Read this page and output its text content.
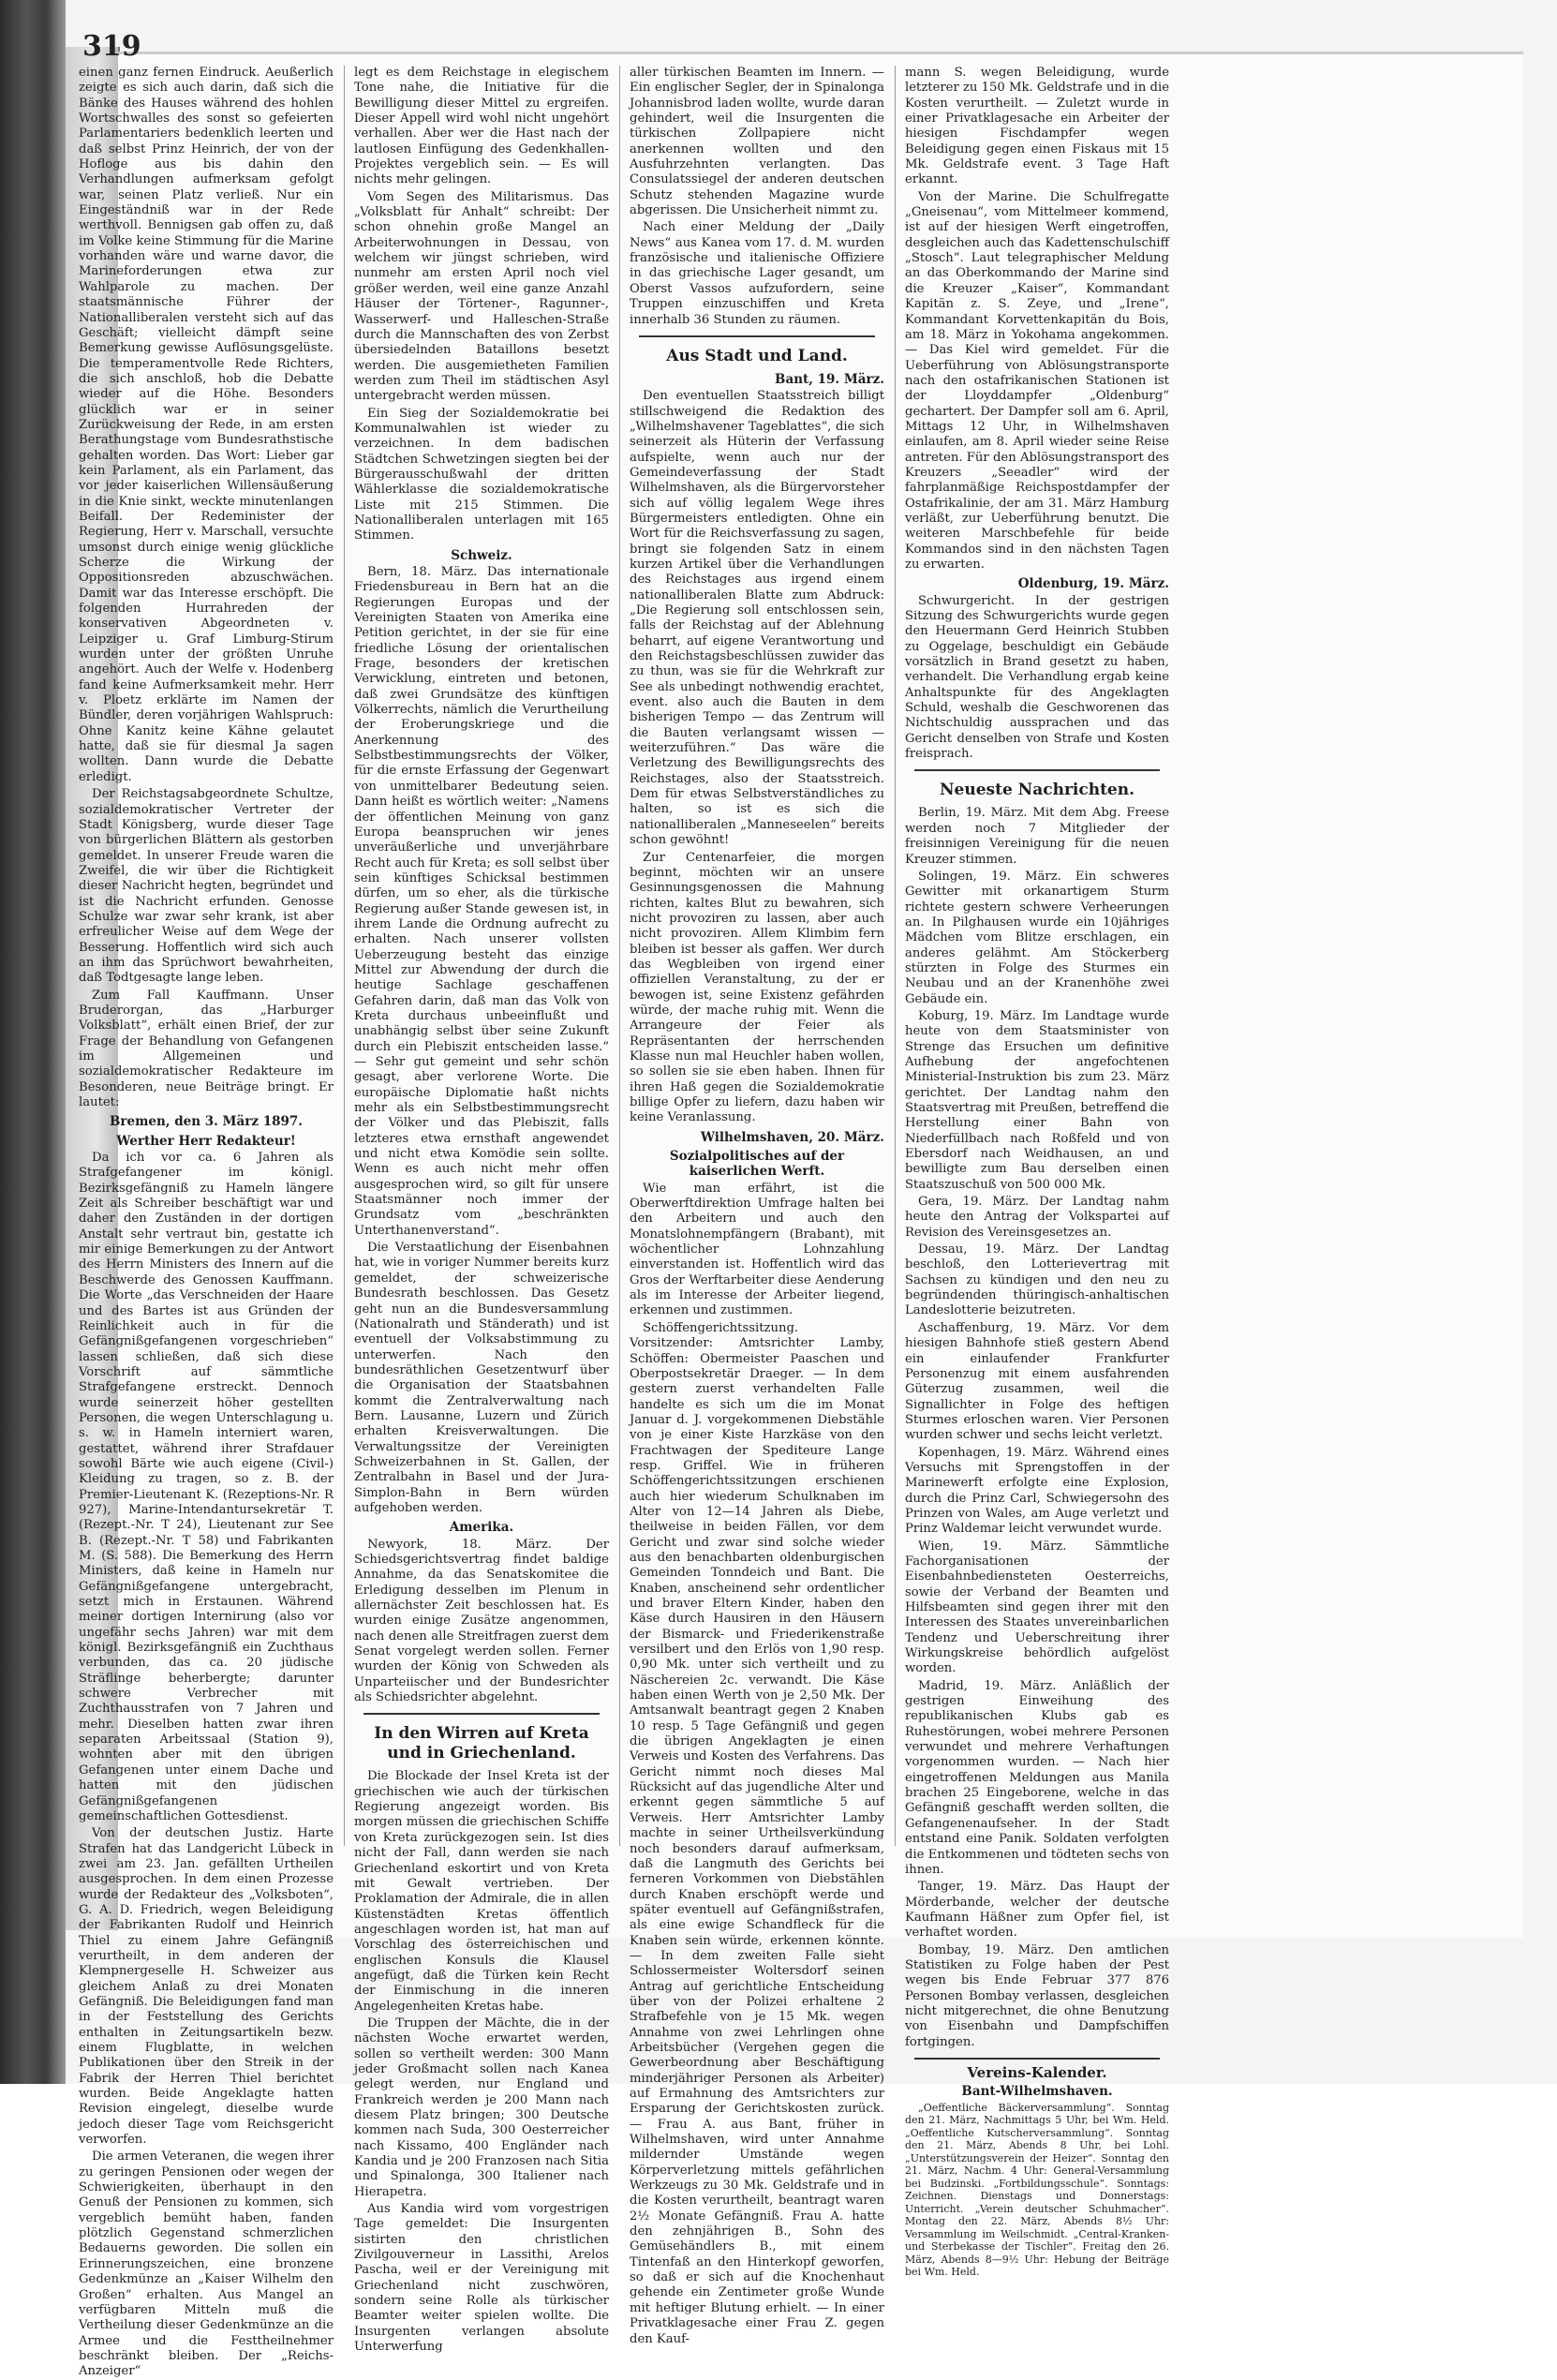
319

einen ganz fernen Eindruck. Aeußerlich zeigte es sich auch darin, daß sich die Bänke des Hauses während des hohlen Wortschwalles des sonst so gefeierten Parlamentariers bedenklich leerten und daß selbst Prinz Heinrich, der von der Hofloge aus bis dahin den Verhandlungen aufmerksam gefolgt war, seinen Platz verließ. Nur ein Eingeständniß war in der Rede werthvoll. Bennigsen gab offen zu, daß im Volke keine Stimmung für die Marine vorhanden wäre und warne davor, die Marineforderungen etwa zur Wahlparole zu machen. Der staatsmännische Führer der Nationalliberalen versteht sich auf das Geschäft; vielleicht dämpft seine Bemerkung gewisse Auflösungsgelüste. Die temperamentvolle Rede Richters, die sich anschloß, hob die Debatte wieder auf die Höhe. Besonders glücklich war er in seiner Zurückweisung der Rede, in am ersten Berathungstage vom Bundesrathstische gehalten worden. Das Wort: Lieber gar kein Parlament, als ein Parlament, das vor jeder kaiserlichen Willensäußerung in die Knie sinkt, weckte minutenlangen Beifall. Der Redeminister der Regierung, Herr v. Marschall, versuchte umsonst durch einige wenig glückliche Scherze die Wirkung der Oppositionsreden abzuschwächen. Damit war das Interesse erschöpft. Die folgenden Hurrahreden der konservativen Abgeordneten v. Leipziger u. Graf Limburg-Stirum wurden unter der größten Unruhe angehört. Auch der Welfe v. Hodenberg fand keine Aufmerksamkeit mehr. Herr v. Ploetz erklärte im Namen der Bündler, deren vorjährigen Wahlspruch: Ohne Kanitz keine Kähne gelautet hatte, daß sie für diesmal Ja sagen wollten. Dann wurde die Debatte erledigt.

Der Reichstagsabgeordnete Schultze, sozialdemokratischer Vertreter der Stadt Königsberg, wurde dieser Tage von bürgerlichen Blättern als gestorben gemeldet. In unserer Freude waren die Zweifel, die wir über die Richtigkeit dieser Nachricht hegten, begründet und ist die Nachricht erfunden. Genosse Schulze war zwar sehr krank, ist aber erfreulicher Weise auf dem Wege der Besserung. Hoffentlich wird sich auch an ihm das Sprüchwort bewahrheiten, daß Todtgesagte lange leben.

Zum Fall Kauffmann. Unser Bruderorgan, das „Harburger Volksblatt“, erhält einen Brief, der zur Frage der Behandlung von Gefangenen im Allgemeinen und sozialdemokratischer Redakteure im Besonderen, neue Beiträge bringt. Er lautet:

Bremen, den 3. März 1897.
Werther Herr Redakteur!

Da ich vor ca. 6 Jahren als Strafgefangener im königl. Bezirksgefängniß zu Hameln längere Zeit als Schreiber beschäftigt war und daher den Zuständen in der dortigen Anstalt sehr vertraut bin, gestatte ich mir einige Bemerkungen zu der Antwort des Herrn Ministers des Innern auf die Beschwerde des Genossen Kauffmann. Die Worte „das Verschneiden der Haare und des Bartes ist aus Gründen der Reinlichkeit auch in für die Gefängnißgefangenen vorgeschrieben“ lassen schließen, daß sich diese Vorschrift auf sämmtliche Strafgefangene erstreckt. Dennoch wurde seinerzeit höher gestellten Personen, die wegen Unterschlagung u. s. w. in Hameln interniert waren, gestattet, während ihrer Strafdauer sowohl Bärte wie auch eigene (Civil-) Kleidung zu tragen, so z. B. der Premier-Lieutenant K. (Rezeptions-Nr. R 927), Marine-Intendantursekretär T. (Rezept.-Nr. T 24), Lieutenant zur See B. (Rezept.-Nr. T 58) und Fabrikanten M. (S. 588). Die Bemerkung des Herrn Ministers, daß keine in Hameln nur Gefängnißgefangene untergebracht, setzt mich in Erstaunen. Während meiner dortigen Internirung (also vor ungefähr sechs Jahren) war mit dem königl. Bezirksgefängniß ein Zuchthaus verbunden, das ca. 20 jüdische Sträflinge beherbergte; darunter schwere Verbrecher mit Zuchthausstrafen von 7 Jahren und mehr. Dieselben hatten zwar ihren separaten Arbeitssaal (Station 9), wohnten aber mit den übrigen Gefangenen unter einem Dache und hatten mit den jüdischen Gefängnißgefangenen gemeinschaftlichen Gottesdienst.

Von der deutschen Justiz. Harte Strafen hat das Landgericht Lübeck in zwei am 23. Jan. gefällten Urtheilen ausgesprochen. In dem einen Prozesse wurde der Redakteur des „Volksboten“, G. A. D. Friedrich, wegen Beleidigung der Fabrikanten Rudolf und Heinrich Thiel zu einem Jahre Gefängniß verurtheilt, in dem anderen der Klempnergeselle H. Schweizer aus gleichem Anlaß zu drei Monaten Gefängniß. Die Beleidigungen fand man in der Feststellung des Gerichts enthalten in Zeitungsartikeln bezw. einem Flugblatte, in welchen Publikationen über den Streik in der Fabrik der Herren Thiel berichtet wurden. Beide Angeklagte hatten Revision eingelegt, dieselbe wurde jedoch dieser Tage vom Reichsgericht verworfen.

Die armen Veteranen, die wegen ihrer zu geringen Pensionen oder wegen der Schwierigkeiten, überhaupt in den Genuß der Pensionen zu kommen, sich vergeblich bemüht haben, fanden plötzlich Gegenstand schmerzlichen Bedauerns geworden. Die sollen ein Erinnerungszeichen, eine bronzene Gedenkmünze an „Kaiser Wilhelm den Großen“ erhalten. Aus Mangel an verfügbaren Mitteln muß die Vertheilung dieser Gedenkmünze an die Armee und die Festtheilnehmer beschränkt bleiben. Der „Reichs-Anzeiger“

legt es dem Reichstage in elegischem Tone nahe, die Initiative für die Bewilligung dieser Mittel zu ergreifen. Dieser Appell wird wohl nicht ungehört verhallen. Aber wer die Hast nach der lautlosen Einfügung des Gedenkhallen-Projektes vergeblich sein. — Es will nichts mehr gelingen.

Vom Segen des Militarismus. Das „Volksblatt für Anhalt“ schreibt: Der schon ohnehin große Mangel an Arbeiterwohnungen in Dessau, von welchem wir jüngst schrieben, wird nunmehr am ersten April noch viel größer werden, weil eine ganze Anzahl Häuser der Törtener-, Ragunner-, Wasserwerf- und Halleschen-Straße durch die Mannschaften des von Zerbst übersiedelnden Bataillons besetzt werden. Die ausgemietheten Familien werden zum Theil im städtischen Asyl untergebracht werden müssen.

Ein Sieg der Sozialdemokratie bei Kommunalwahlen ist wieder zu verzeichnen. In dem badischen Städtchen Schwetzingen siegten bei der Bürgerausschußwahl der dritten Wählerklasse die sozialdemokratische Liste mit 215 Stimmen. Die Nationalliberalen unterlagen mit 165 Stimmen.

Schweiz.

Bern, 18. März. Das internationale Friedensbureau in Bern hat an die Regierungen Europas und der Vereinigten Staaten von Amerika eine Petition gerichtet, in der sie für eine friedliche Lösung der orientalischen Frage, besonders der kretischen Verwicklung, eintreten und betonen, daß zwei Grundsätze des künftigen Völkerrechts, nämlich die Verurtheilung der Eroberungskriege und die Anerkennung des Selbstbestimmungsrechts der Völker, für die ernste Erfassung der Gegenwart von unmittelbarer Bedeutung seien. Dann heißt es wörtlich weiter: „Namens der öffentlichen Meinung von ganz Europa beanspruchen wir jenes unveräußerliche und unverjährbare Recht auch für Kreta; es soll selbst über sein künftiges Schicksal bestimmen dürfen, um so eher, als die türkische Regierung außer Stande gewesen ist, in ihrem Lande die Ordnung aufrecht zu erhalten. Nach unserer vollsten Ueberzeugung besteht das einzige Mittel zur Abwendung der durch die heutige Sachlage geschaffenen Gefahren darin, daß man das Volk von Kreta durchaus unbeeinflußt und unabhängig selbst über seine Zukunft durch ein Plebiszit entscheiden lasse.“ — Sehr gut gemeint und sehr schön gesagt, aber verlorene Worte. Die europäische Diplomatie haßt nichts mehr als ein Selbstbestimmungsrecht der Völker und das Plebiszit, falls letzteres etwa ernsthaft angewendet und nicht etwa Komödie sein sollte. Wenn es auch nicht mehr offen ausgesprochen wird, so gilt für unsere Staatsmänner noch immer der Grundsatz vom „beschränkten Unterthanenverstand“.

Die Verstaatlichung der Eisenbahnen hat, wie in voriger Nummer bereits kurz gemeldet, der schweizerische Bundesrath beschlossen. Das Gesetz geht nun an die Bundesversammlung (Nationalrath und Ständerath) und ist eventuell der Volksabstimmung zu unterwerfen. Nach den bundesräthlichen Gesetzentwurf über die Organisation der Staatsbahnen kommt die Zentralverwaltung nach Bern. Lausanne, Luzern und Zürich erhalten Kreisverwaltungen. Die Verwaltungssitze der Vereinigten Schweizerbahnen in St. Gallen, der Zentralbahn in Basel und der Jura-Simplon-Bahn in Bern würden aufgehoben werden.

Amerika.

Newyork, 18. März. Der Schiedsgerichtsvertrag findet baldige Annahme, da das Senatskomitee die Erledigung desselben im Plenum in allernächster Zeit beschlossen hat. Es wurden einige Zusätze angenommen, nach denen alle Streitfragen zuerst dem Senat vorgelegt werden sollen. Ferner wurden der König von Schweden als Unparteiischer und der Bundesrichter als Schiedsrichter abgelehnt.

In den Wirren auf Kreta und in Griechenland.

Die Blockade der Insel Kreta ist der griechischen wie auch der türkischen Regierung angezeigt worden. Bis morgen müssen die griechischen Schiffe von Kreta zurückgezogen sein. Ist dies nicht der Fall, dann werden sie nach Griechenland eskortirt und von Kreta mit Gewalt vertrieben. Der Proklamation der Admirale, die in allen Küstenstädten Kretas öffentlich angeschlagen worden ist, hat man auf Vorschlag des österreichischen und englischen Konsuls die Klausel angefügt, daß die Türken kein Recht der Einmischung in die inneren Angelegenheiten Kretas habe.

Die Truppen der Mächte, die in der nächsten Woche erwartet werden, sollen so vertheilt werden: 300 Mann jeder Großmacht sollen nach Kanea gelegt werden, nur England und Frankreich werden je 200 Mann nach diesem Platz bringen; 300 Deutsche kommen nach Suda, 300 Oesterreicher nach Kissamo, 400 Engländer nach Kandia und je 200 Franzosen nach Sitia und Spinalonga, 300 Italiener nach Hierapetra.

Aus Kandia wird vom vorgestrigen Tage gemeldet: Die Insurgenten sistirten den christlichen Zivilgouverneur in Lassithi, Arelos Pascha, weil er der Vereinigung mit Griechenland nicht zuschwören, sondern seine Rolle als türkischer Beamter weiter spielen wollte. Die Insurgenten verlangen absolute Unterwerfung

aller türkischen Beamten im Innern. — Ein englischer Segler, der in Spinalonga Johannisbrod laden wollte, wurde daran gehindert, weil die Insurgenten die türkischen Zollpapiere nicht anerkennen wollten und den Ausfuhrzehnten verlangten. Das Consulatssiegel der anderen deutschen Schutz stehenden Magazine wurde abgerissen. Die Unsicherheit nimmt zu.

Nach einer Meldung der „Daily News“ aus Kanea vom 17. d. M. wurden französische und italienische Offiziere in das griechische Lager gesandt, um Oberst Vassos aufzufordern, seine Truppen einzuschiffen und Kreta innerhalb 36 Stunden zu räumen.

Aus Stadt und Land.
Bant, 19. März.

Den eventuellen Staatsstreich billigt stillschweigend die Redaktion des „Wilhelmshavener Tageblattes“, die sich seinerzeit als Hüterin der Verfassung aufspielte, wenn auch nur der Gemeindeverfassung der Stadt Wilhelmshaven, als die Bürgervorsteher sich auf völlig legalem Wege ihres Bürgermeisters entledigten. Ohne ein Wort für die Reichsverfassung zu sagen, bringt sie folgenden Satz in einem kurzen Artikel über die Verhandlungen des Reichstages aus irgend einem nationalliberalen Blatte zum Abdruck: „Die Regierung soll entschlossen sein, falls der Reichstag auf der Ablehnung beharrt, auf eigene Verantwortung und den Reichstagsbeschlüssen zuwider das zu thun, was sie für die Wehrkraft zur See als unbedingt nothwendig erachtet, event. also auch die Bauten in dem bisherigen Tempo — das Zentrum will die Bauten verlangsamt wissen — weiterzuführen.“ Das wäre die Verletzung des Bewilligungsrechts des Reichstages, also der Staatsstreich. Dem für etwas Selbstverständliches zu halten, so ist es sich die nationalliberalen „Manneseelen“ bereits schon gewöhnt!

Zur Centenarfeier, die morgen beginnt, möchten wir an unsere Gesinnungsgenossen die Mahnung richten, kaltes Blut zu bewahren, sich nicht provoziren zu lassen, aber auch nicht provoziren. Allem Klimbim fern bleiben ist besser als gaffen. Wer durch das Wegbleiben von irgend einer offiziellen Veranstaltung, zu der er bewogen ist, seine Existenz gefährden würde, der mache ruhig mit. Wenn die Arrangeure der Feier als Repräsentanten der herrschenden Klasse nun mal Heuchler haben wollen, so sollen sie sie eben haben. Ihnen für ihren Haß gegen die Sozialdemokratie billige Opfer zu liefern, dazu haben wir keine Veranlassung.

Wilhelmshaven, 20. März.
Sozialpolitisches auf der kaiserlichen Werft.

Wie man erfährt, ist die Oberwerftdirektion Umfrage halten bei den Arbeitern und auch den Monatslohnempfängern (Brabant), mit wöchentlicher Lohnzahlung einverstanden ist. Hoffentlich wird das Gros der Werftarbeiter diese Aenderung als im Interesse der Arbeiter liegend, erkennen und zustimmen.

Schöffengerichtssitzung. Vorsitzender: Amtsrichter Lamby, Schöffen: Obermeister Paaschen und Oberpostsekretär Draeger. — In dem gestern zuerst verhandelten Falle handelte es sich um die im Monat Januar d. J. vorgekommenen Diebstähle von je einer Kiste Harzkäse von den Frachtwagen der Spediteure Lange resp. Griffel. Wie in früheren Schöffengerichtssitzungen erschienen auch hier wiederum Schulknaben im Alter von 12—14 Jahren als Diebe, theilweise in beiden Fällen, vor dem Gericht und zwar sind solche wieder aus den benachbarten oldenburgischen Gemeinden Tonndeich und Bant. Die Knaben, anscheinend sehr ordentlicher und braver Eltern Kinder, haben den Käse durch Hausiren in den Häusern der Bismarck- und Friederikenstraße versilbert und den Erlös von 1,90 resp. 0,90 Mk. unter sich vertheilt und zu Näschereien 2c. verwandt. Die Käse haben einen Werth von je 2,50 Mk. Der Amtsanwalt beantragt gegen 2 Knaben 10 resp. 5 Tage Gefängniß und gegen die übrigen Angeklagten je einen Verweis und Kosten des Verfahrens. Das Gericht nimmt noch dieses Mal Rücksicht auf das jugendliche Alter und erkennt gegen sämmtliche 5 auf Verweis. Herr Amtsrichter Lamby machte in seiner Urtheilsverkündung noch besonders darauf aufmerksam, daß die Langmuth des Gerichts bei ferneren Vorkommen von Diebstählen durch Knaben erschöpft werde und später eventuell auf Gefängnißstrafen, als eine ewige Schandfleck für die Knaben sein würde, erkennen könnte. — In dem zweiten Falle sieht Schlossermeister Woltersdorf seinen Antrag auf gerichtliche Entscheidung über von der Polizei erhaltene 2 Strafbefehle von je 15 Mk. wegen Annahme von zwei Lehrlingen ohne Arbeitsbücher (Vergehen gegen die Gewerbeordnung aber Beschäftigung minderjähriger Personen als Arbeiter) auf Ermahnung des Amtsrichters zur Ersparung der Gerichtskosten zurück. — Frau A. aus Bant, früher in Wilhelmshaven, wird unter Annahme mildernder Umstände wegen Körperverletzung mittels gefährlichen Werkzeugs zu 30 Mk. Geldstrafe und in die Kosten verurtheilt, beantragt waren 2½ Monate Gefängniß. Frau A. hatte den zehnjährigen B., Sohn des Gemüsehändlers B., mit einem Tintenfaß an den Hinterkopf geworfen, so daß er sich auf die Knochenhaut gehende ein Zentimeter große Wunde mit heftiger Blutung erhielt. — In einer Privatklagesache einer Frau Z. gegen den Kauf-

mann S. wegen Beleidigung, wurde letzterer zu 150 Mk. Geldstrafe und in die Kosten verurtheilt. — Zuletzt wurde in einer Privatklagesache ein Arbeiter der hiesigen Fischdampfer wegen Beleidigung gegen einen Fiskaus mit 15 Mk. Geldstrafe event. 3 Tage Haft erkannt.

Von der Marine. Die Schulfregatte „Gneisenau“, vom Mittelmeer kommend, ist auf der hiesigen Werft eingetroffen, desgleichen auch das Kadettenschulschiff „Stosch“. Laut telegraphischer Meldung an das Oberkommando der Marine sind die Kreuzer „Kaiser“, Kommandant Kapitän z. S. Zeye, und „Irene“, Kommandant Korvettenkapitän du Bois, am 18. März in Yokohama angekommen. — Das Kiel wird gemeldet. Für die Ueberführung von Ablösungstransporte nach den ostafrikanischen Stationen ist der Lloyddampfer „Oldenburg“ gechartert. Der Dampfer soll am 6. April, Mittags 12 Uhr, in Wilhelmshaven einlaufen, am 8. April wieder seine Reise antreten. Für den Ablösungstransport des Kreuzers „Seeadler“ wird der fahrplanmäßige Reichspostdampfer der Ostafrikalinie, der am 31. März Hamburg verläßt, zur Ueberführung benutzt. Die weiteren Marschbefehle für beide Kommandos sind in den nächsten Tagen zu erwarten.

Oldenburg, 19. März.

Schwurgericht. In der gestrigen Sitzung des Schwurgerichts wurde gegen den Heuermann Gerd Heinrich Stubben zu Oggelage, beschuldigt ein Gebäude vorsätzlich in Brand gesetzt zu haben, verhandelt. Die Verhandlung ergab keine Anhaltspunkte für des Angeklagten Schuld, weshalb die Geschworenen das Nichtschuldig aussprachen und das Gericht denselben von Strafe und Kosten freisprach.

Neueste Nachrichten.

Berlin, 19. März. Mit dem Abg. Freese werden noch 7 Mitglieder der freisinnigen Vereinigung für die neuen Kreuzer stimmen.

Solingen, 19. März. Ein schweres Gewitter mit orkanartigem Sturm richtete gestern schwere Verheerungen an. In Pilghausen wurde ein 10jähriges Mädchen vom Blitze erschlagen, ein anderes gelähmt. Am Stöckerberg stürzten in Folge des Sturmes ein Neubau und an der Kranenhöhe zwei Gebäude ein.

Koburg, 19. März. Im Landtage wurde heute von dem Staatsminister von Strenge das Ersuchen um definitive Aufhebung der angefochtenen Ministerial-Instruktion bis zum 23. März gerichtet. Der Landtag nahm den Staatsvertrag mit Preußen, betreffend die Herstellung einer Bahn von Niederfüllbach nach Roßfeld und von Ebersdorf nach Weidhausen, an und bewilligte zum Bau derselben einen Staatszuschuß von 500 000 Mk.

Gera, 19. März. Der Landtag nahm heute den Antrag der Volkspartei auf Revision des Vereinsgesetzes an.

Dessau, 19. März. Der Landtag beschloß, den Lotterievertrag mit Sachsen zu kündigen und den neu zu begründenden thüringisch-anhaltischen Landeslotterie beizutreten.

Aschaffenburg, 19. März. Vor dem hiesigen Bahnhofe stieß gestern Abend ein einlaufender Frankfurter Personenzug mit einem ausfahrenden Güterzug zusammen, weil die Signallichter in Folge des heftigen Sturmes erloschen waren. Vier Personen wurden schwer und sechs leicht verletzt.

Kopenhagen, 19. März. Während eines Versuchs mit Sprengstoffen in der Marinewerft erfolgte eine Explosion, durch die Prinz Carl, Schwiegersohn des Prinzen von Wales, am Auge verletzt und Prinz Waldemar leicht verwundet wurde.

Wien, 19. März. Sämmtliche Fachorganisationen der Eisenbahnbediensteten Oesterreichs, sowie der Verband der Beamten und Hilfsbeamten sind gegen ihrer mit den Interessen des Staates unvereinbarlichen Tendenz und Ueberschreitung ihrer Wirkungskreise behördlich aufgelöst worden.

Madrid, 19. März. Anläßlich der gestrigen Einweihung des republikanischen Klubs gab es Ruhestörungen, wobei mehrere Personen verwundet und mehrere Verhaftungen vorgenommen wurden. — Nach hier eingetroffenen Meldungen aus Manila brachen 25 Eingeborene, welche in das Gefängniß geschafft werden sollten, die Gefangenenaufseher. In der Stadt entstand eine Panik. Soldaten verfolgten die Entkommenen und tödteten sechs von ihnen.

Tanger, 19. März. Das Haupt der Mörderbande, welcher der deutsche Kaufmann Häßner zum Opfer fiel, ist verhaftet worden.

Bombay, 19. März. Den amtlichen Statistiken zu Folge haben der Pest wegen bis Ende Februar 377 876 Personen Bombay verlassen, desgleichen nicht mitgerechnet, die ohne Benutzung von Eisenbahn und Dampfschiffen fortgingen.

Vereins-Kalender.
Bant-Wilhelmshaven.

„Oeffentliche Bäckerversammlung“. Sonntag den 21. März, Nachmittags 5 Uhr, bei Wm. Held. „Oeffentliche Kutscherversammlung“. Sonntag den 21. März, Abends 8 Uhr, bei Lohl. „Unterstützungsverein der Heizer“. Sonntag den 21. März, Nachm. 4 Uhr: General-Versammlung bei Budzinski. „Fortbildungsschule“. Sonntags: Zeichnen. Dienstags und Donnerstags: Unterricht. „Verein deutscher Schuhmacher“. Montag den 22. März, Abends 8½ Uhr: Versammlung im Weilschmidt. „Central-Kranken- und Sterbekasse der Tischler“. Freitag den 26. März, Abends 8—9½ Uhr: Hebung der Beiträge bei Wm. Held.
